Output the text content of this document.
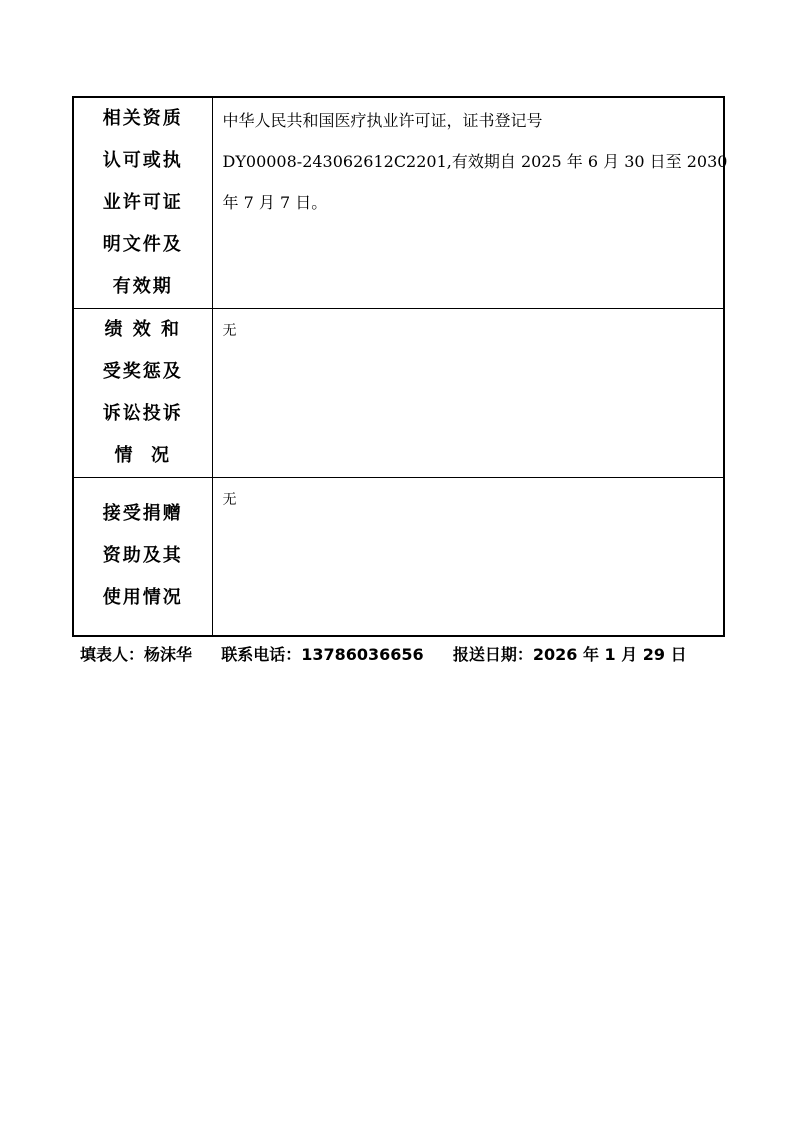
相关资质
认可或执
业许可证
明文件及
有效期	中华人民共和国医疗执业许可证，证书登记号
DY00008-243062612C2201,有效期自 2025 年 6 月 30 日至 2030
年 7 月 7 日。

绩 效 和
受奖惩及
诉讼投诉
情  况	无

接受捐赠
资助及其
使用情况	无
填表人：杨沫华 联系电话：13786036656 报送日期：2026 年 1 月 29 日
